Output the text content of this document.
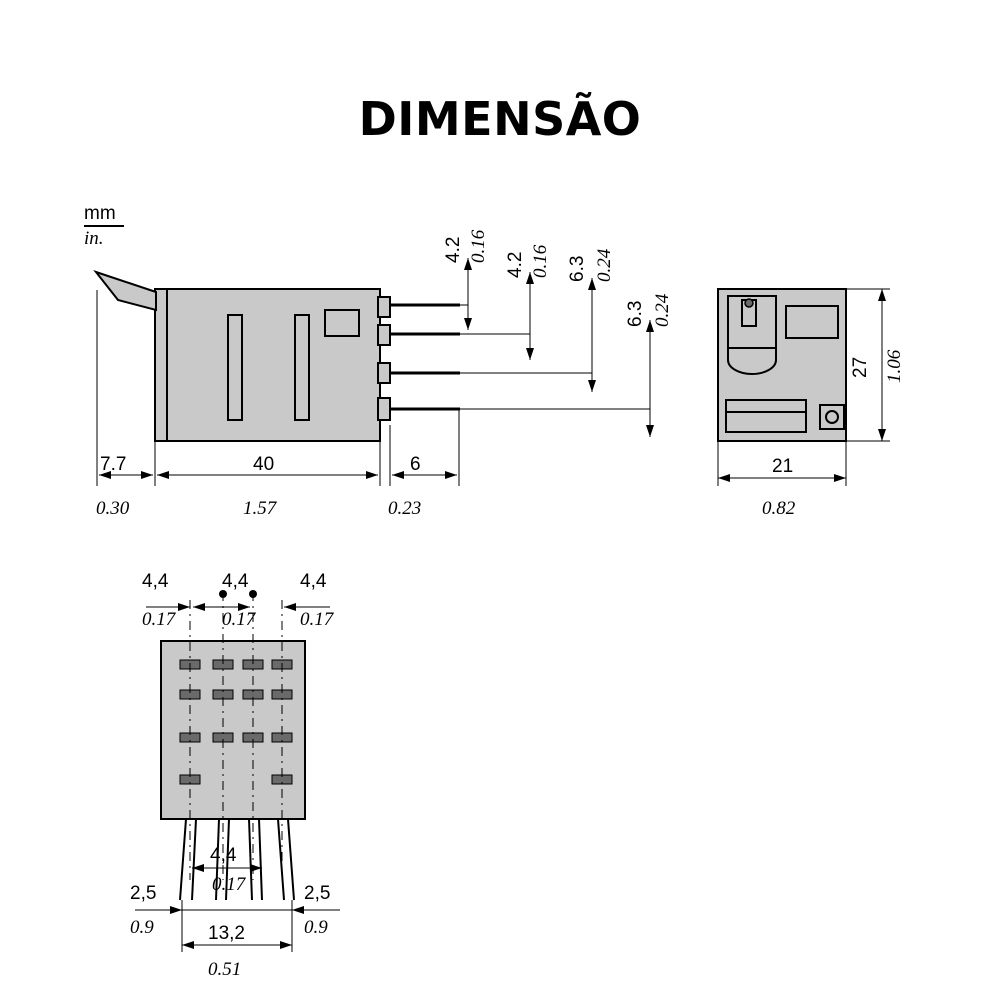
DIMENSÃO
mm
in.	4.2 0.16
4.2 0.16 6.3 0.24
6.3 0.24
7.7
0.30
40
1.57
6
0.23
27 1.06
21
0.82
4,4
0.17
4,4
0.17
4,4
0.17
4,4
0.17
2,5
0.9
2,5
0.9
13,2
0.51
